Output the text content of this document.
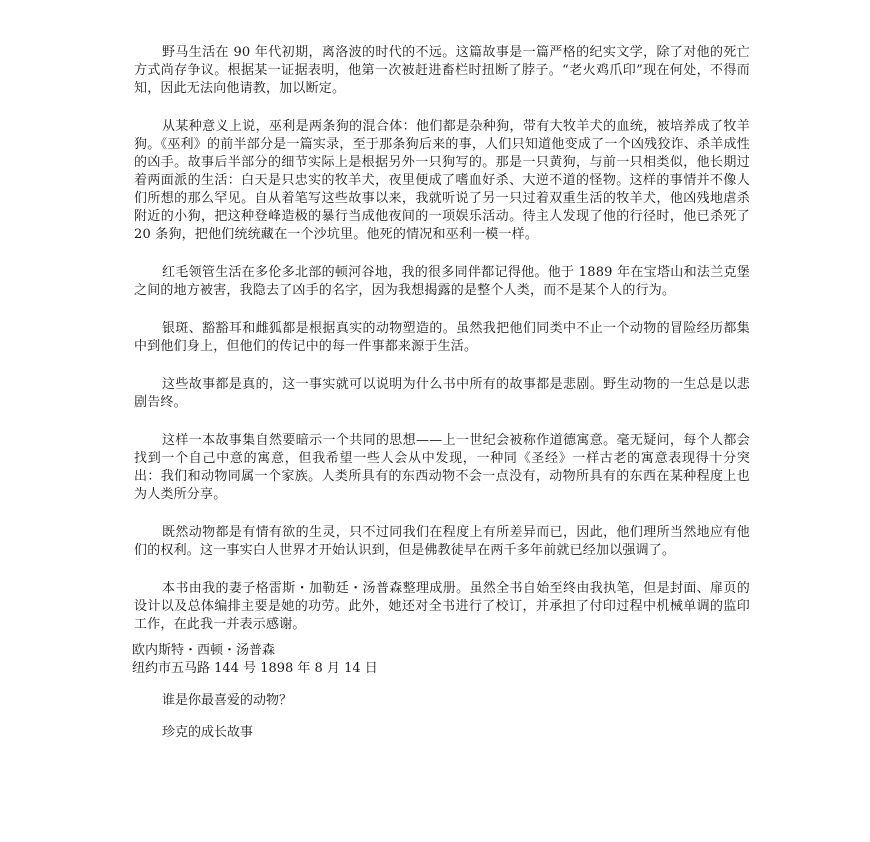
野马生活在 90 年代初期，离洛波的时代的不远。这篇故事是一篇严格的纪实文学，除了对他的死亡方式尚存争议。根据某一证据表明，他第一次被赶进畜栏时扭断了脖子。“老火鸡爪印”现在何处，不得而知，因此无法向他请教，加以断定。

从某种意义上说，巫利是两条狗的混合体：他们都是杂种狗，带有大牧羊犬的血统，被培养成了牧羊狗。《巫利》的前半部分是一篇实录，至于那条狗后来的事，人们只知道他变成了一个凶残狡诈、杀羊成性的凶手。故事后半部分的细节实际上是根据另外一只狗写的。那是一只黄狗，与前一只相类似，他长期过着两面派的生活：白天是只忠实的牧羊犬，夜里便成了嗜血好杀、大逆不道的怪物。这样的事情并不像人们所想的那么罕见。自从着笔写这些故事以来，我就听说了另一只过着双重生活的牧羊犬，他凶残地虐杀附近的小狗，把这种登峰造极的暴行当成他夜间的一项娱乐活动。待主人发现了他的行径时，他已杀死了 20 条狗，把他们统统藏在一个沙坑里。他死的情况和巫利一模一样。

红毛领管生活在多伦多北部的顿河谷地，我的很多同伴都记得他。他于 1889 年在宝塔山和法兰克堡之间的地方被害，我隐去了凶手的名字，因为我想揭露的是整个人类，而不是某个人的行为。

银斑、豁豁耳和雌狐都是根据真实的动物塑造的。虽然我把他们同类中不止一个动物的冒险经历都集中到他们身上，但他们的传记中的每一件事都来源于生活。

这些故事都是真的，这一事实就可以说明为什么书中所有的故事都是悲剧。野生动物的一生总是以悲剧告终。

这样一本故事集自然要暗示一个共同的思想——上一世纪会被称作道德寓意。毫无疑问，每个人都会找到一个自己中意的寓意，但我希望一些人会从中发现，一种同《圣经》一样古老的寓意表现得十分突出：我们和动物同属一个家族。人类所具有的东西动物不会一点没有，动物所具有的东西在某种程度上也为人类所分享。

既然动物都是有情有欲的生灵，只不过同我们在程度上有所差异而已，因此，他们理所当然地应有他们的权利。这一事实白人世界才开始认识到，但是佛教徒早在两千多年前就已经加以强调了。

本书由我的妻子格雷斯・加勒廷・汤普森整理成册。虽然全书自始至终由我执笔，但是封面、扉页的设计以及总体编排主要是她的功劳。此外，她还对全书进行了校订，并承担了付印过程中机械单调的监印工作，在此我一并表示感谢。

欧内斯特・西顿・汤普森

纽约市五马路 144 号 1898 年 8 月 14 日

谁是你最喜爱的动物？

珍克的成长故事
